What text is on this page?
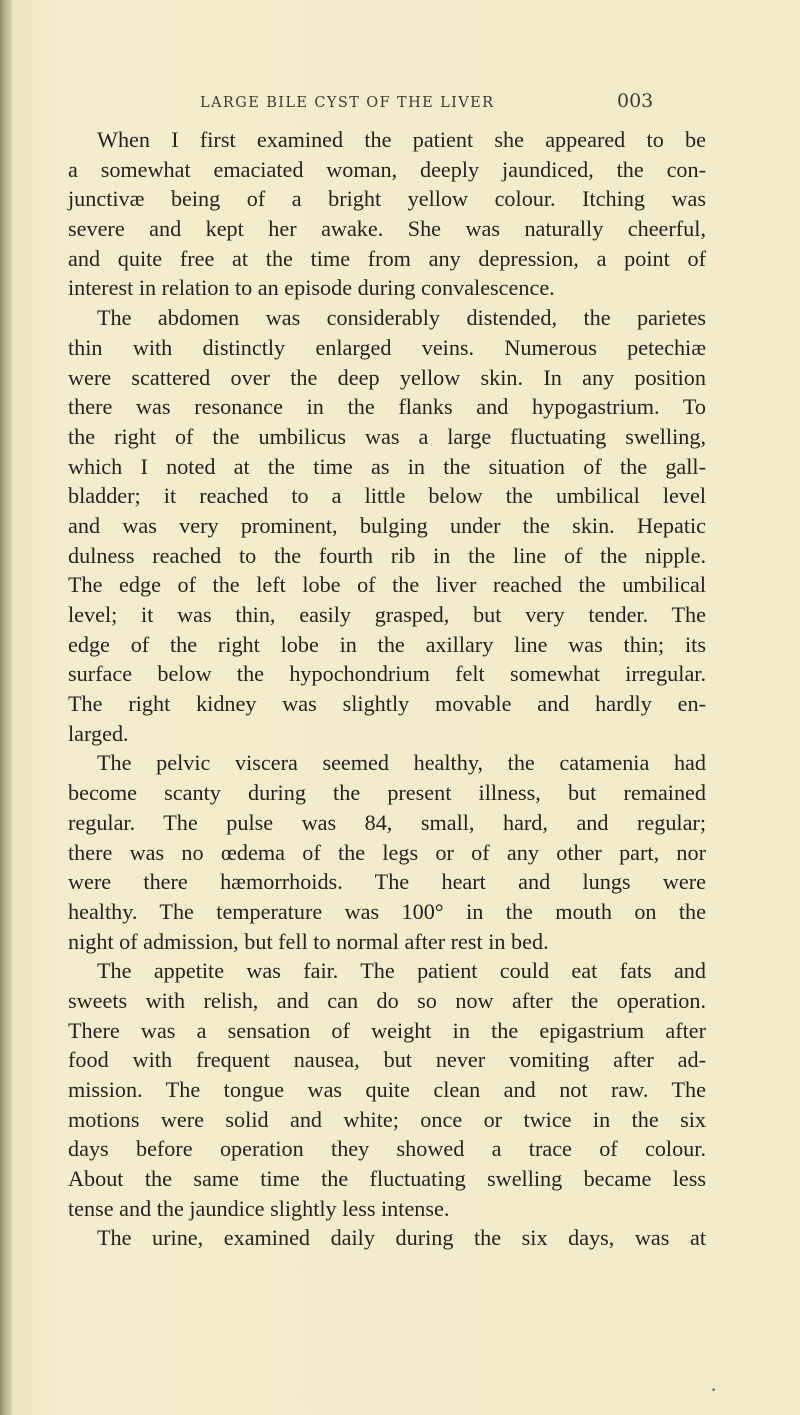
LARGE BILE CYST OF THE LIVER	003
When I first examined the patient she appeared to be
a somewhat emaciated woman, deeply jaundiced, the con-
junctivæ being of a bright yellow colour. Itching was
severe and kept her awake. She was naturally cheerful,
and quite free at the time from any depression, a point of
interest in relation to an episode during convalescence.
The abdomen was considerably distended, the parietes
thin with distinctly enlarged veins. Numerous petechiæ
were scattered over the deep yellow skin. In any position
there was resonance in the flanks and hypogastrium. To
the right of the umbilicus was a large fluctuating swelling,
which I noted at the time as in the situation of the gall-
bladder; it reached to a little below the umbilical level
and was very prominent, bulging under the skin. Hepatic
dulness reached to the fourth rib in the line of the nipple.
The edge of the left lobe of the liver reached the umbilical
level; it was thin, easily grasped, but very tender. The
edge of the right lobe in the axillary line was thin; its
surface below the hypochondrium felt somewhat irregular.
The right kidney was slightly movable and hardly en-
larged.
The pelvic viscera seemed healthy, the catamenia had
become scanty during the present illness, but remained
regular. The pulse was 84, small, hard, and regular;
there was no œdema of the legs or of any other part, nor
were there hæmorrhoids. The heart and lungs were
healthy. The temperature was 100° in the mouth on the
night of admission, but fell to normal after rest in bed.
The appetite was fair. The patient could eat fats and
sweets with relish, and can do so now after the operation.
There was a sensation of weight in the epigastrium after
food with frequent nausea, but never vomiting after ad-
mission. The tongue was quite clean and not raw. The
motions were solid and white; once or twice in the six
days before operation they showed a trace of colour.
About the same time the fluctuating swelling became less
tense and the jaundice slightly less intense.
The urine, examined daily during the six days, was at
•
